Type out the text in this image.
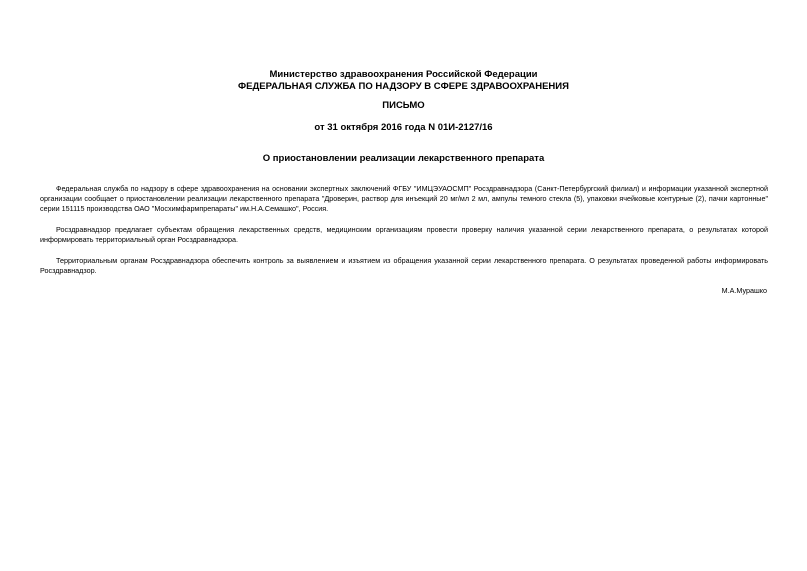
Министерство здравоохранения Российской Федерации
ФЕДЕРАЛЬНАЯ СЛУЖБА ПО НАДЗОРУ В СФЕРЕ ЗДРАВООХРАНЕНИЯ
ПИСЬМО
от 31 октября 2016 года N 01И-2127/16
О приостановлении реализации лекарственного препарата

Федеральная служба по надзору в сфере здравоохранения на основании экспертных заключений ФГБУ "ИМЦЭУАОСМП" Росздравнадзора (Санкт-Петербургский филиал) и информации указанной экспертной организации сообщает о приостановлении реализации лекарственного препарата "Дроверин, раствор для инъекций 20 мг/мл 2 мл, ампулы темного стекла (5), упаковки ячейковые контурные (2), пачки картонные" серии 151115 производства ОАО "Мосхимфармпрепараты" им.Н.А.Семашко", Россия.

Росздравнадзор предлагает субъектам обращения лекарственных средств, медицинским организациям провести проверку наличия указанной серии лекарственного препарата, о результатах которой информировать территориальный орган Росздравнадзора.

Территориальным органам Росздравнадзора обеспечить контроль за выявлением и изъятием из обращения указанной серии лекарственного препарата. О результатах проведенной работы информировать Росздравнадзор.

М.А.Мурашко
